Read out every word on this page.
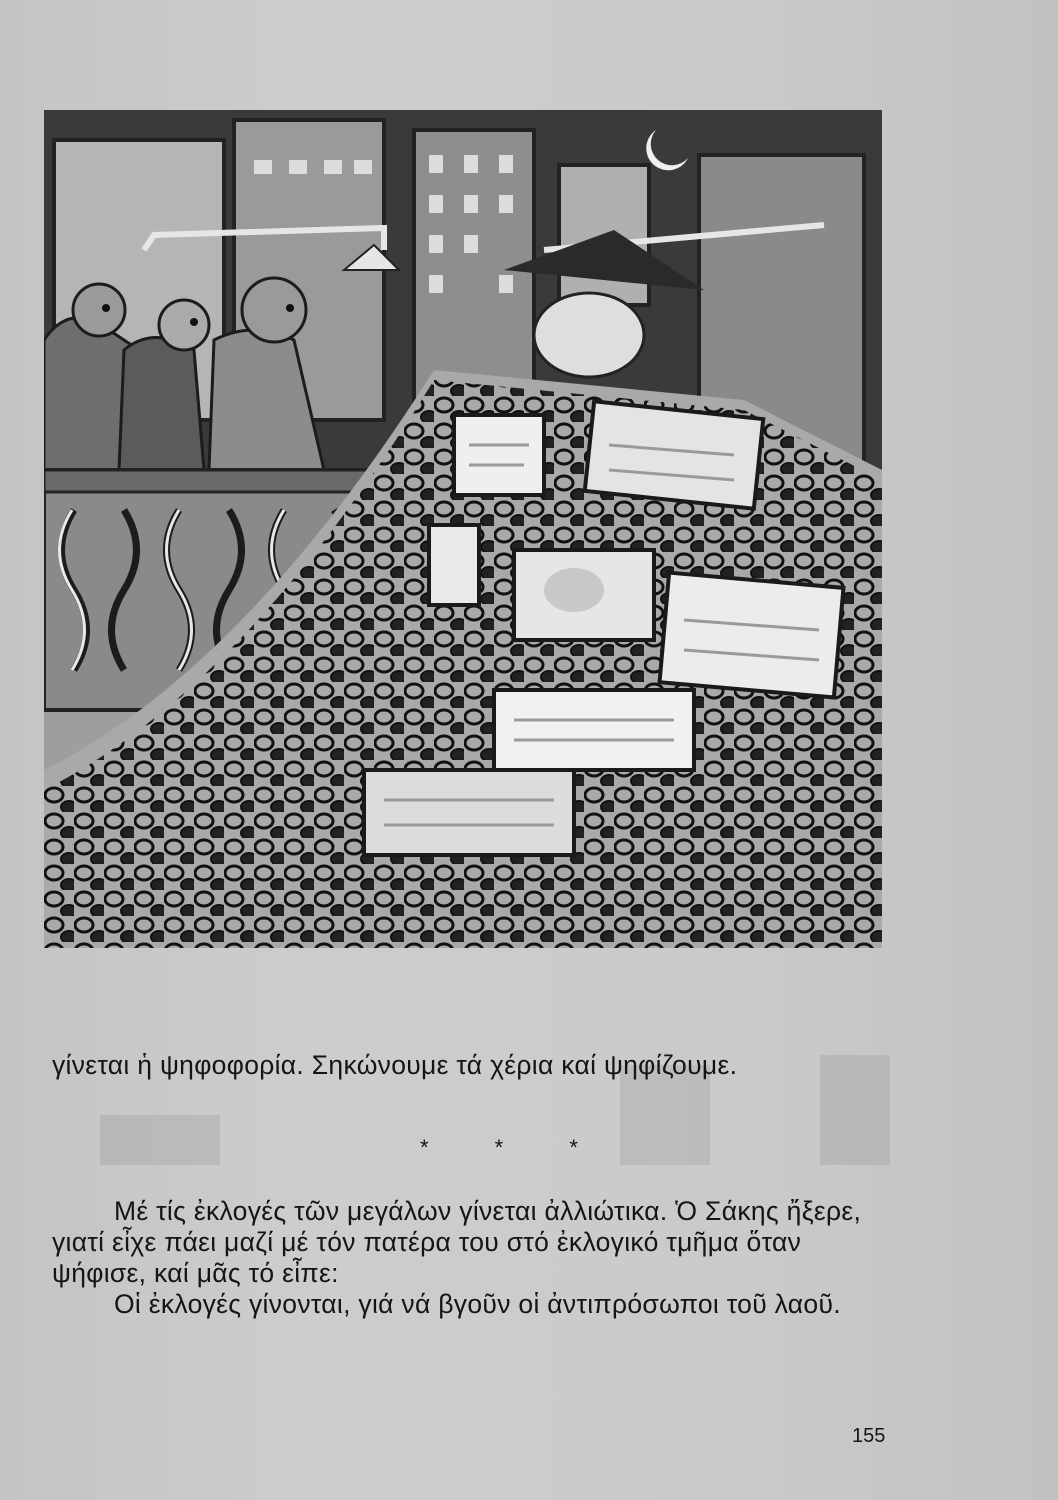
γίνεται ἡ ψηφοφορία. Σηκώνουμε τά χέρια καί ψηφίζουμε.
* * *
Μέ τίς ἐκλογές τῶν μεγάλων γίνεται ἀλλιώτικα. Ὁ Σάκης ἤξερε, γιατί εἶχε πάει μαζί μέ τόν πατέρα του στό ἐκλογικό τμῆμα ὅταν ψήφισε, καί μᾶς τό εἶπε:
Οἱ ἐκλογές γίνονται, γιά νά βγοῦν οἱ ἀντιπρόσωποι τοῦ λαοῦ.
155
